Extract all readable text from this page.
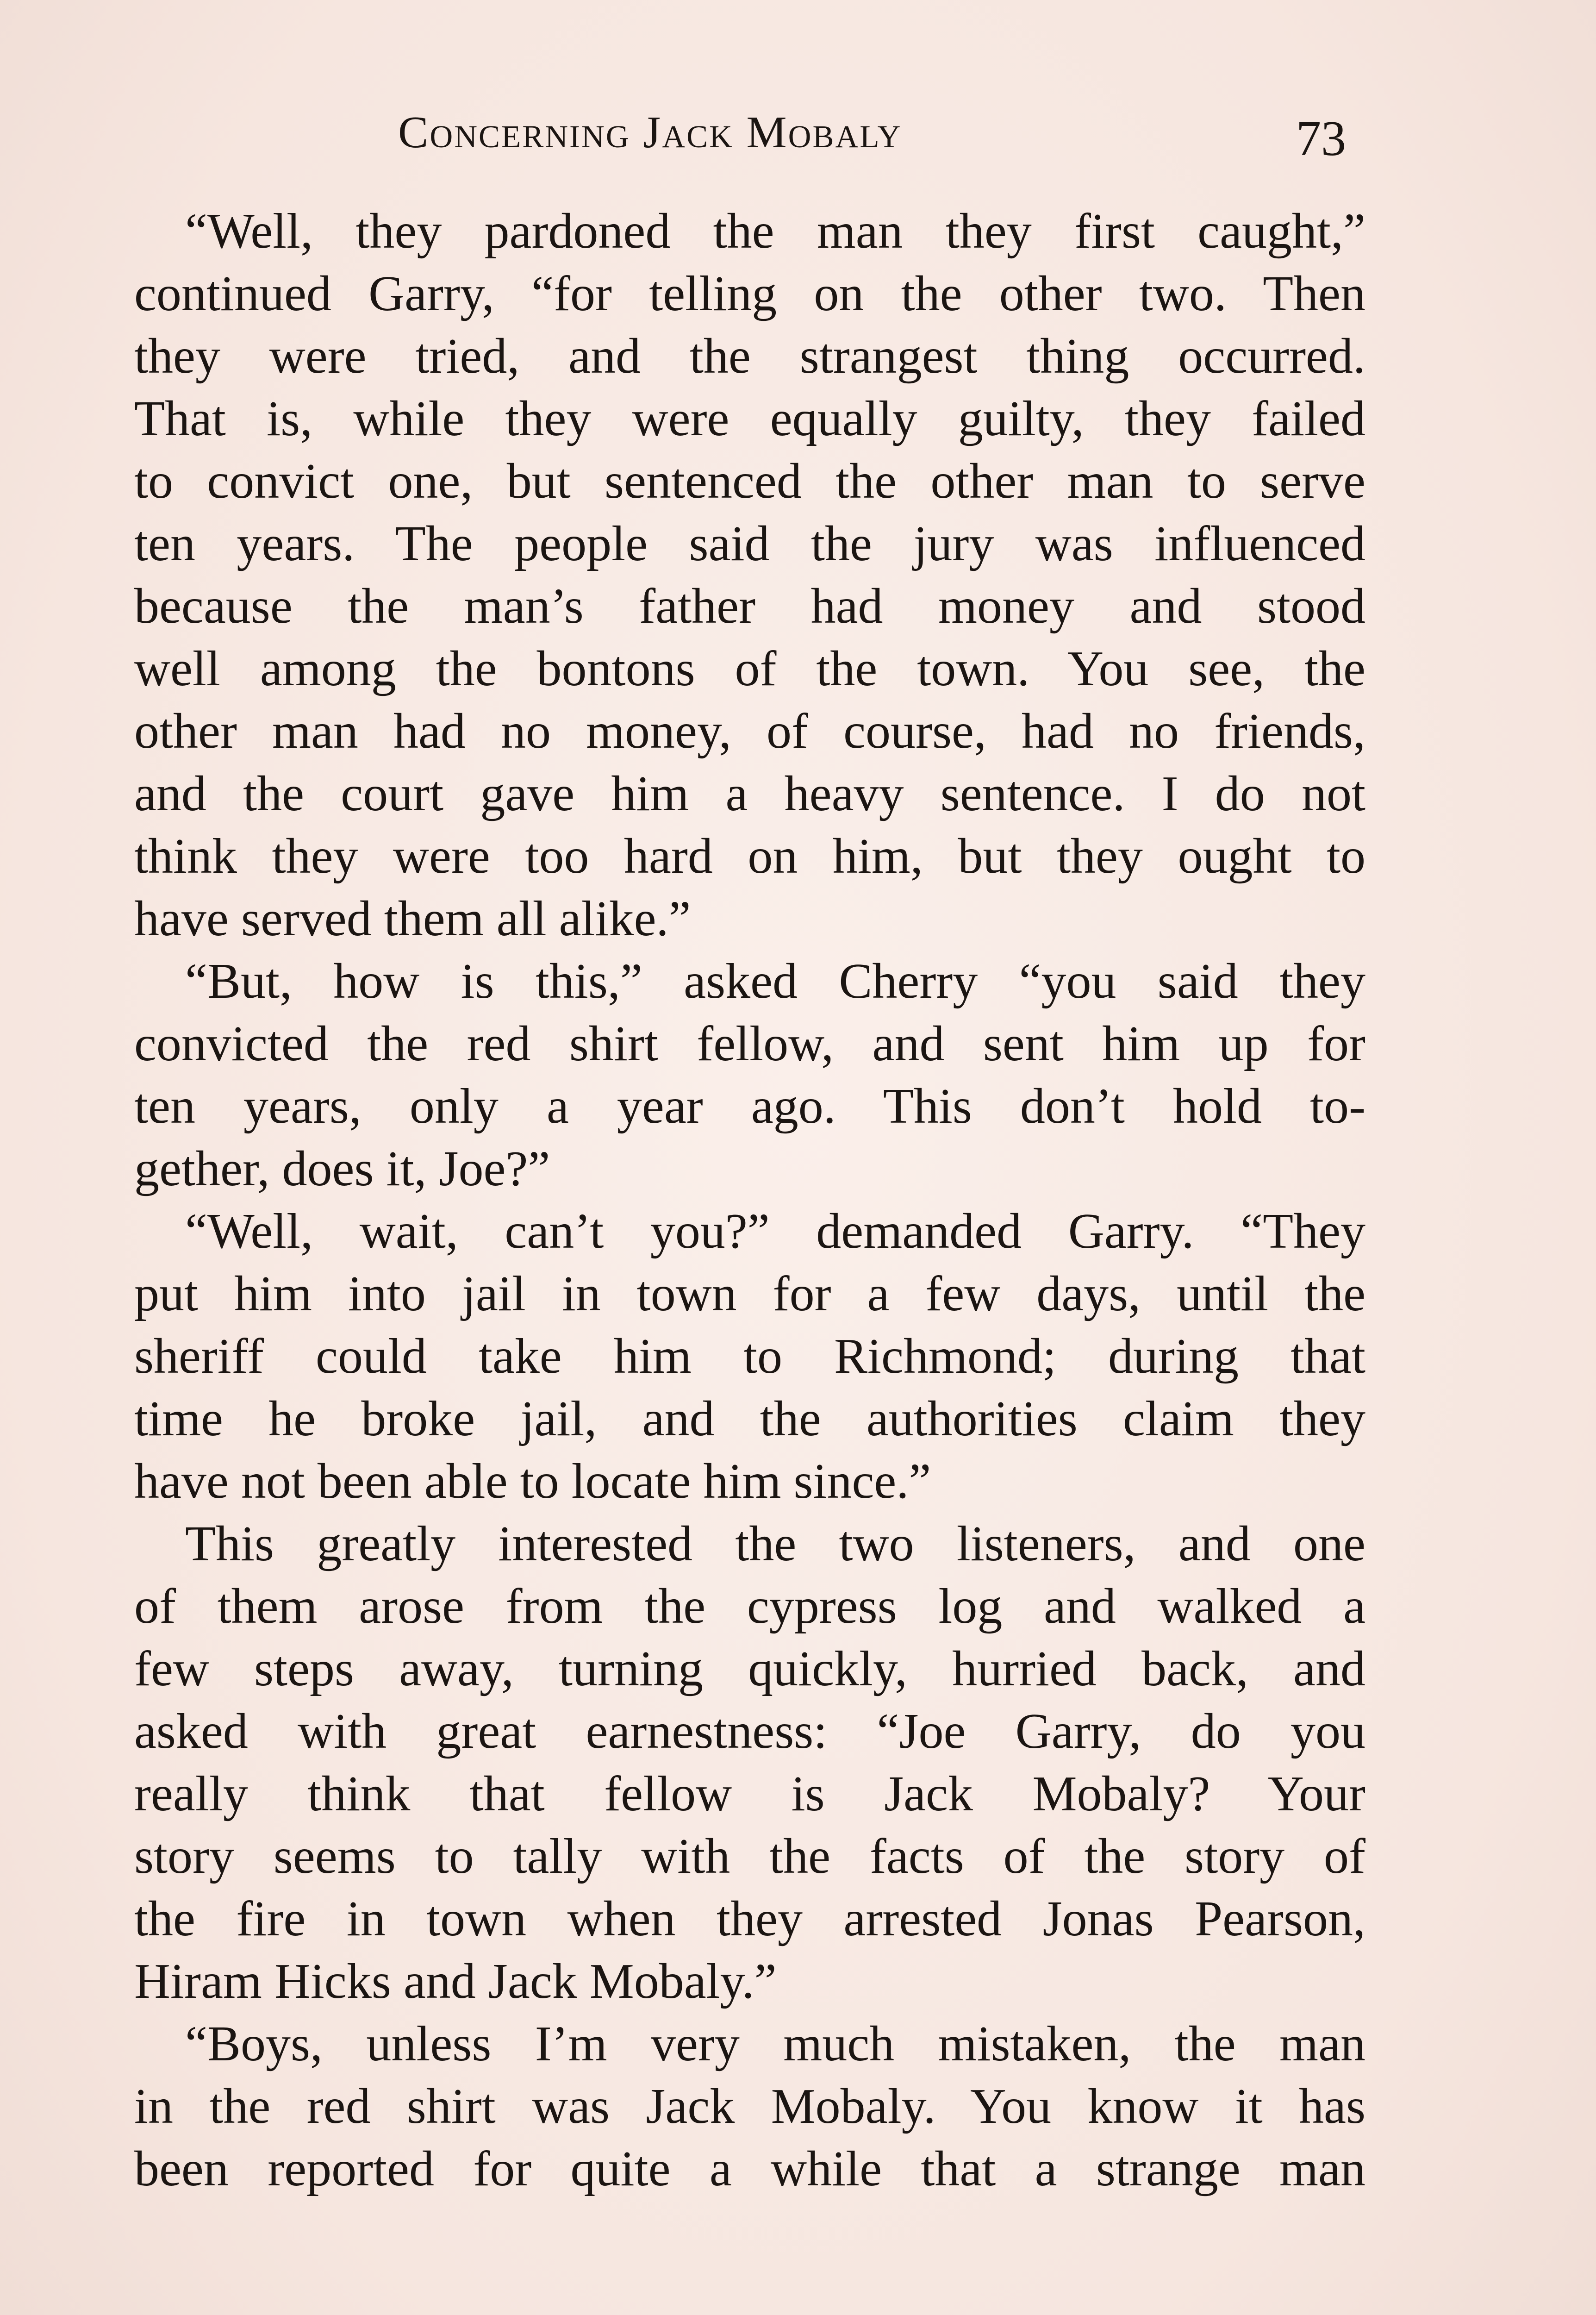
Concerning Jack Mobaly	73
“Well, they pardoned the man they first caught,”
continued Garry, “for telling on the other two. Then
they were tried, and the strangest thing occurred.
That is, while they were equally guilty, they failed
to convict one, but sentenced the other man to serve
ten years. The people said the jury was influenced
because the man’s father had money and stood
well among the bontons of the town. You see, the
other man had no money, of course, had no friends,
and the court gave him a heavy sentence. I do not
think they were too hard on him, but they ought to
have served them all alike.”
“But, how is this,” asked Cherry “you said they
convicted the red shirt fellow, and sent him up for
ten years, only a year ago. This don’t hold to-
gether, does it, Joe?”
“Well, wait, can’t you?” demanded Garry. “They
put him into jail in town for a few days, until the
sheriff could take him to Richmond; during that
time he broke jail, and the authorities claim they
have not been able to locate him since.”
This greatly interested the two listeners, and one
of them arose from the cypress log and walked a
few steps away, turning quickly, hurried back, and
asked with great earnestness: “Joe Garry, do you
really think that fellow is Jack Mobaly? Your
story seems to tally with the facts of the story of
the fire in town when they arrested Jonas Pearson,
Hiram Hicks and Jack Mobaly.”
“Boys, unless I’m very much mistaken, the man
in the red shirt was Jack Mobaly. You know it has
been reported for quite a while that a strange man
